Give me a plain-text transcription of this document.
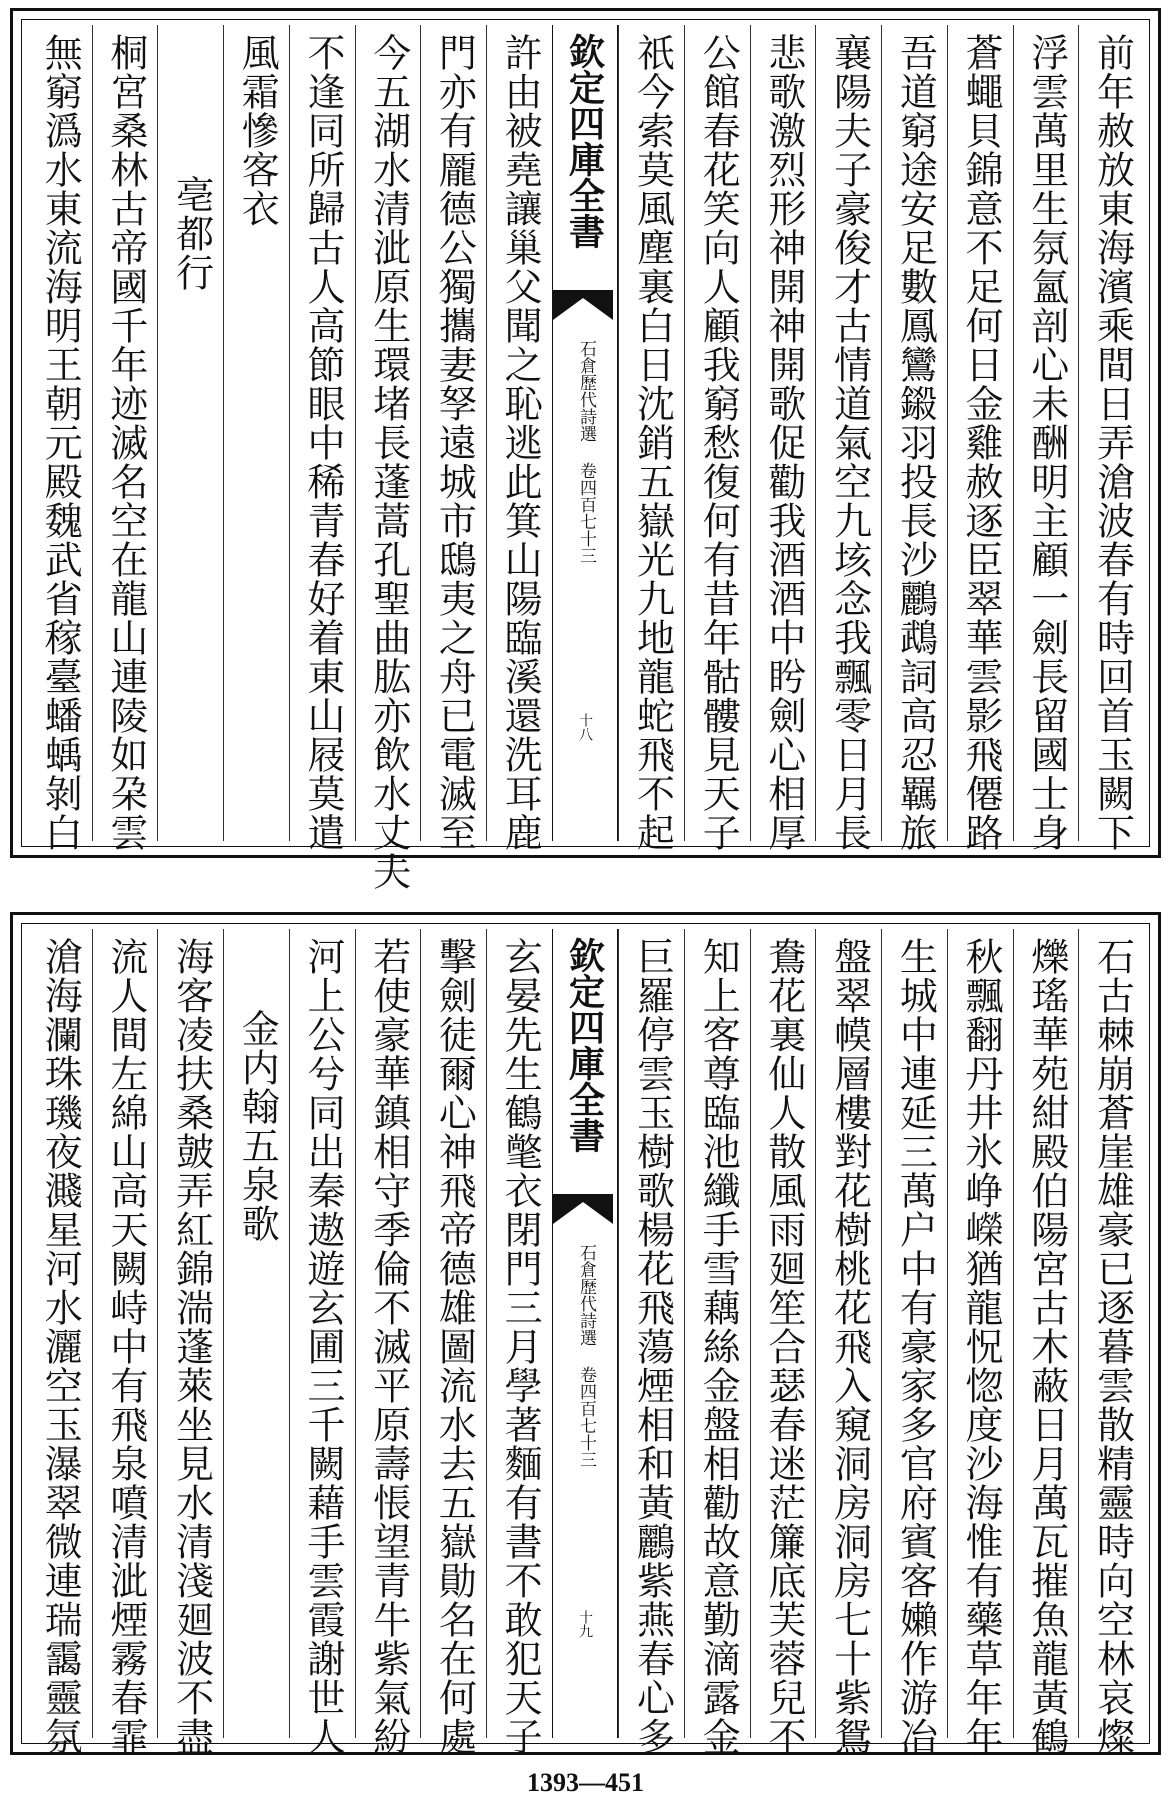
前年赦放東海濱乘間日弄滄波春有時回首玉闕下
浮雲萬里生氛氳剖心未酬明主顧一劍長留國士身
蒼蠅貝錦意不足何日金雞赦逐臣翠華雲影飛僊路
吾道窮途安足數鳳鸞鎩羽投長沙鸝鵡詞高忍羈旅
襄陽夫子豪俊才古情道氣空九垓念我飄零日月長
悲歌激烈形神開神開歌促勸我酒酒中盻劍心相厚
公館春花笑向人顧我窮愁復何有昔年骷髏見天子
祇今索莫風塵裏白日沈銷五嶽光九地龍蛇飛不起
欽定四庫全書
石倉歷代詩選 卷四百七十三
十八
許由被堯讓巢父聞之恥逃此箕山陽臨溪還洗耳鹿
門亦有龎德公獨攜妻孥遠城市鴟夷之舟已電滅至
今五湖水清泚原生環堵長蓬蒿孔聖曲肱亦飲水丈夫
不逢同所歸古人高節眼中稀青春好着東山屐莫遣
風霜慘客衣
亳都行
桐宮桑林古帝國千年迹滅名空在龍山連陵如朶雲
無窮潙水東流海明王朝元殿魏武省稼臺蟠蝺剝白
石古棘崩蒼崖雄豪已逐暮雲散精靈時向空林哀燦
爍瑤華苑紺殿伯陽宮古木蔽日月萬瓦摧魚龍黃鶴
秋飄翻丹井氷峥嶸猶龍怳惚度沙海惟有藥草年年
生城中連延三萬户中有豪家多官府賓客嬾作游冶
盤翠幙層樓對花樹桃花飛入窺洞房洞房七十紫鴛
鴦花裏仙人散風雨廻笙合瑟春迷茫簾底芙蓉兒不
知上客尊臨池纖手雪藕絲金盤相勸故意勤滴露金
巨羅停雲玉樹歌楊花飛蕩煙相和黃鸝紫燕春心多
欽定四庫全書
石倉歷代詩選 卷四百七十三
十九
玄晏先生鶴氅衣閉門三月學著麵有書不敢犯天子
擊劍徒爾心神飛帝德雄圖流水去五嶽勛名在何處
若使豪華鎮相守季倫不滅平原壽悵望青牛紫氣紛
河上公兮同出秦遨遊玄圃三千闕藉手雲霞謝世人
金内翰五泉歌
海客凌扶桑皷弄紅錦湍蓬萊坐見水清淺廻波不盡
流人間左綿山高天闕峙中有飛泉噴清泚煙霧春霏
滄海瀾珠璣夜濺星河水灑空玉瀑翠微連瑞靄靈氛
1393—451
